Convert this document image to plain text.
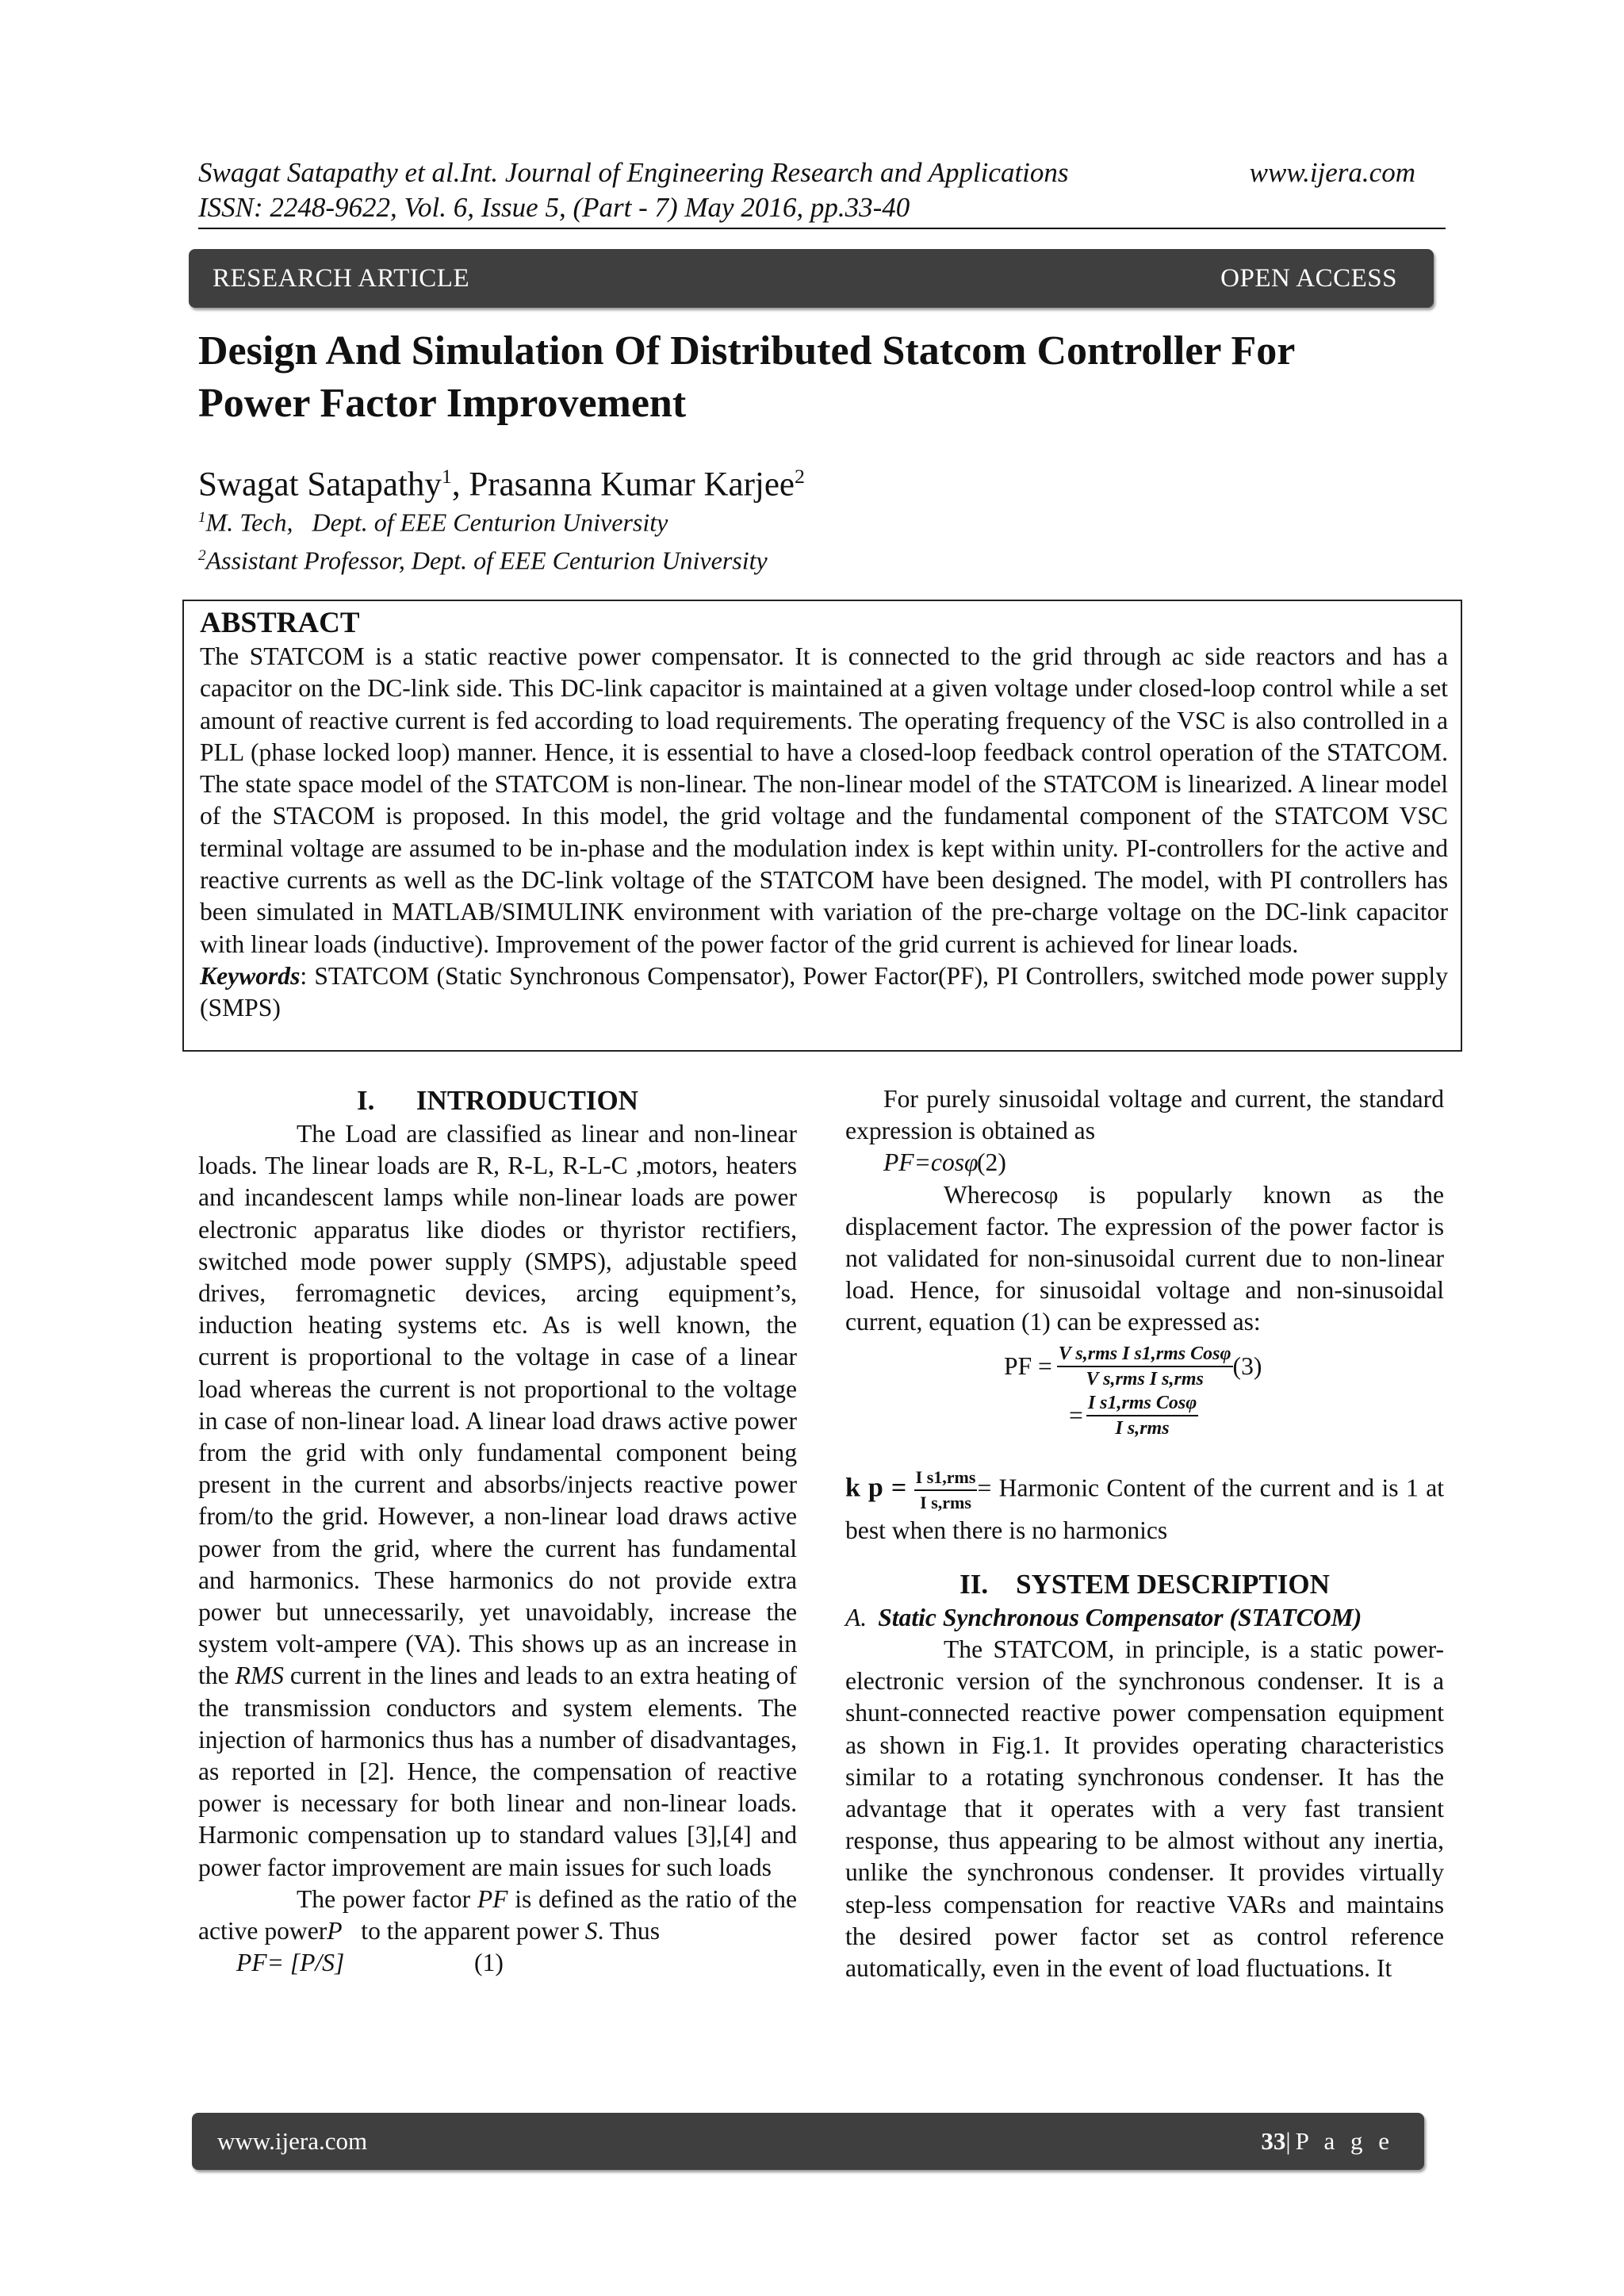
Swagat Satapathy et al.Int. Journal of Engineering Research and Applications	www.ijera.com
ISSN: 2248-9622, Vol. 6, Issue 5, (Part - 7) May 2016, pp.33-40
RESEARCH ARTICLE	OPEN ACCESS
Design And Simulation Of Distributed Statcom Controller For
Power Factor Improvement
Swagat Satapathy$^1$, Prasanna Kumar Karjee$^2$
$^1$M. Tech,   Dept. of EEE Centurion University
$^2$Assistant Professor, Dept. of EEE Centurion University
ABSTRACT

The STATCOM is a static reactive power compensator. It is connected to the grid through ac side reactors and has a capacitor on the DC-link side. This DC-link capacitor is maintained at a given voltage under closed-loop control while a set amount of reactive current is fed according to load requirements. The operating frequency of the VSC is also controlled in a PLL (phase locked loop) manner. Hence, it is essential to have a closed-loop feedback control operation of the STATCOM. The state space model of the STATCOM is non-linear. The non-linear model of the STATCOM is linearized. A linear model of the STACOM is proposed. In this model, the grid voltage and the fundamental component of the STATCOM VSC terminal voltage are assumed to be in-phase and the modulation index is kept within unity. PI-controllers for the active and reactive currents as well as the DC-link voltage of the STATCOM have been designed. The model, with PI controllers has been simulated in MATLAB/SIMULINK environment with variation of the pre-charge voltage on the DC-link capacitor with linear loads (inductive). Improvement of the power factor of the grid current is achieved for linear loads.

Keywords: STATCOM (Static Synchronous Compensator), Power Factor(PF), PI Controllers, switched mode power supply (SMPS)

I.      INTRODUCTION

The Load are classified as linear and non-linear loads. The linear loads are R, R-L, R-L-C ,motors, heaters and incandescent lamps while non-linear loads are power electronic apparatus like diodes or thyristor rectifiers, switched mode power supply (SMPS), adjustable speed drives, ferromagnetic devices, arcing equipment’s, induction heating systems etc. As is well known, the current is proportional to the voltage in case of a linear load whereas the current is not proportional to the voltage in case of non-linear load. A linear load draws active power from the grid with only fundamental component being present in the current and absorbs/injects reactive power from/to the grid. However, a non-linear load draws active power from the grid, where the current has fundamental and harmonics. These harmonics do not provide extra power but unnecessarily, yet unavoidably, increase the system volt-ampere (VA). This shows up as an increase in the RMS current in the lines and leads to an extra heating of the transmission conductors and system elements. The injection of harmonics thus has a number of disadvantages, as reported in [2]. Hence, the compensation of reactive power is necessary for both linear and non-linear loads. Harmonic compensation up to standard values [3],[4] and power factor improvement are main issues for such loads

The power factor PF is defined as the ratio of the active powerP   to the apparent power S. Thus

PF= [P/S]	(1)

For purely sinusoidal voltage and current, the standard expression is obtained as

PF=cosφ(2)

Wherecosφ is popularly known as the displacement factor. The expression of the power factor is not validated for non-sinusoidal current due to non-linear load. Hence, for sinusoidal voltage and non-sinusoidal current, equation (1) can be expressed as:

PF = $\frac{\text{V s,rms I s1,rms Cosφ}}{\text{V s,rms I s,rms}} (3)$
= $\frac{\text{I s1,rms Cosφ}}{\text{I s,rms}}$

k $p = \frac{\text{I s1,rms}}{\text{I s,rms}}$ = Harmonic Content of the current and is 1 at best when there is no harmonics

II.    SYSTEM DESCRIPTION
A. Static Synchronous Compensator (STATCOM)

The STATCOM, in principle, is a static power-electronic version of the synchronous condenser. It is a shunt-connected reactive power compensation equipment as shown in Fig.1. It provides operating characteristics similar to a rotating synchronous condenser. It has the advantage that it operates with a very fast transient response, thus appearing to be almost without any inertia, unlike the synchronous condenser. It provides virtually step-less compensation for reactive VARs and maintains the desired power factor set as control reference automatically, even in the event of load fluctuations. It

www.ijera.com	33|P a g e
